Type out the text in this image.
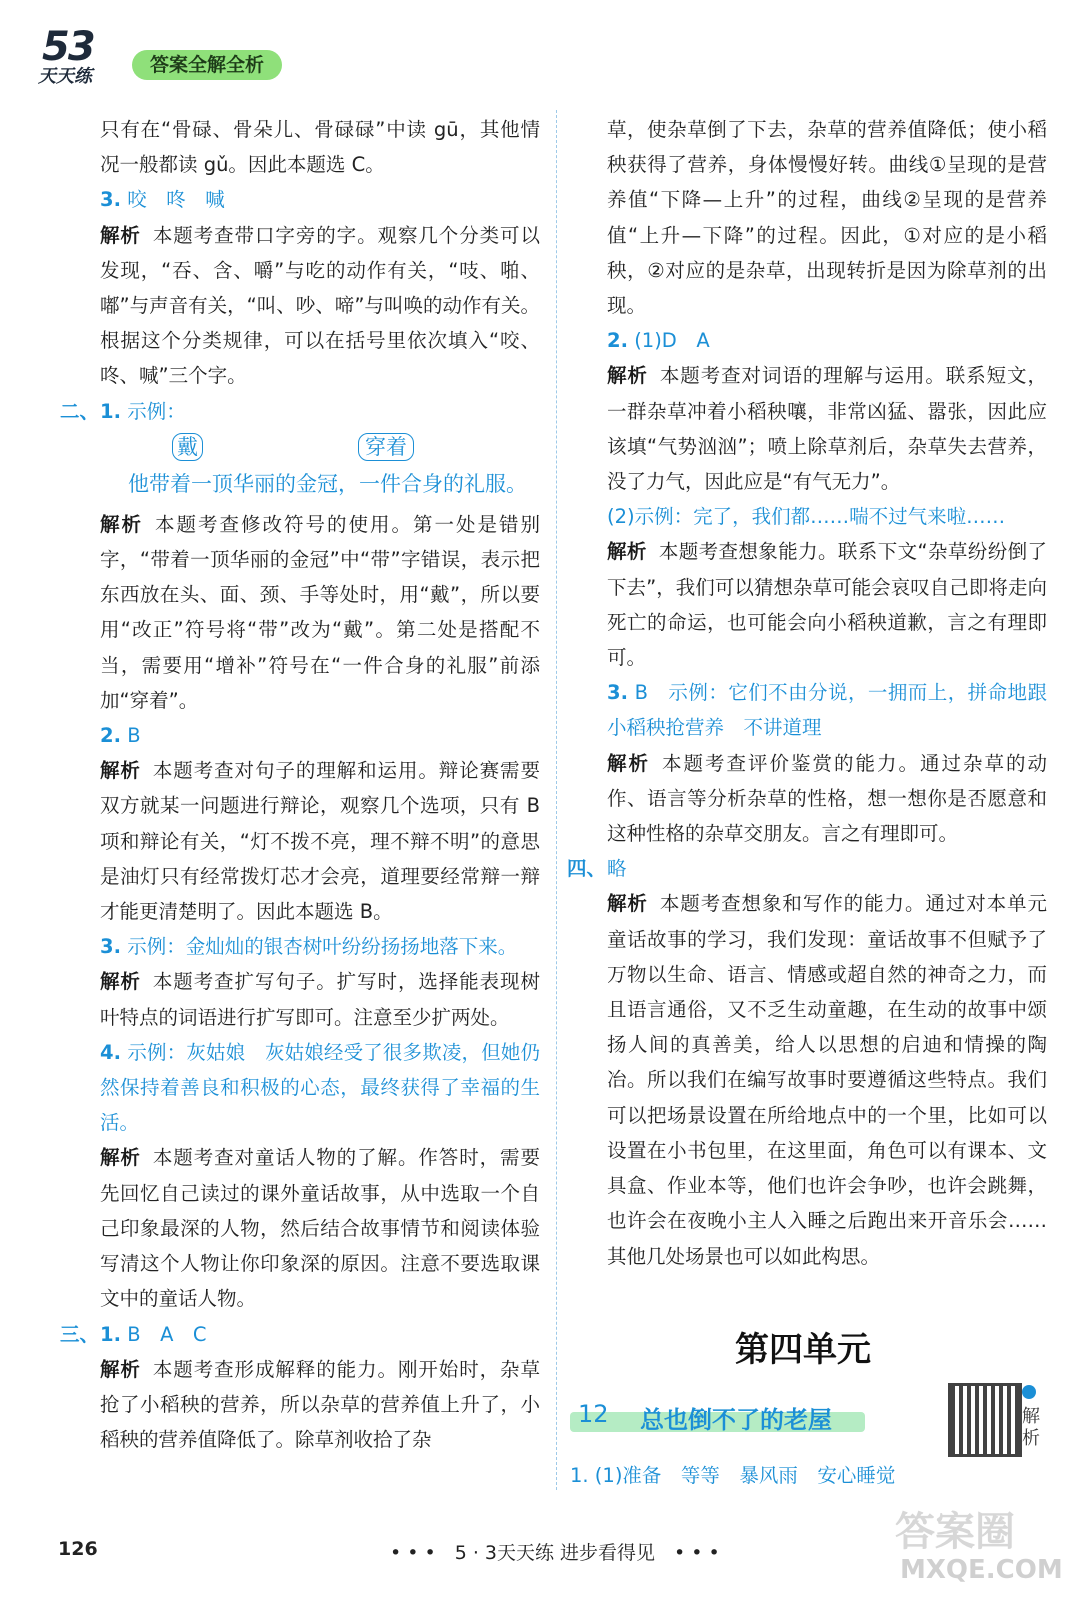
53
天天练
答案全解全析
只有在“骨碌、骨朵儿、骨碌碌”中读 gū，其他情况一般都读 gǔ。因此本题选 C。
3. 咬　咚　喊
解析 本题考查带口字旁的字。观察几个分类可以发现，“吞、含、嚼”与吃的动作有关，“吱、啪、嘟”与声音有关，“叫、吵、啼”与叫唤的动作有关。根据这个分类规律，可以在括号里依次填入“咬、咚、喊”三个字。
二、 1. 示例：
戴	穿着
他带着一顶华丽的金冠，一件合身的礼服。
解析 本题考查修改符号的使用。第一处是错别字，“带着一顶华丽的金冠”中“带”字错误，表示把东西放在头、面、颈、手等处时，用“戴”，所以要用“改正”符号将“带”改为“戴”。第二处是搭配不当，需要用“增补”符号在“一件合身的礼服”前添加“穿着”。
2. B
解析 本题考查对句子的理解和运用。辩论赛需要双方就某一问题进行辩论，观察几个选项，只有 B 项和辩论有关，“灯不拨不亮，理不辩不明”的意思是油灯只有经常拨灯芯才会亮，道理要经常辩一辩才能更清楚明了。因此本题选 B。
3. 示例：金灿灿的银杏树叶纷纷扬扬地落下来。
解析 本题考查扩写句子。扩写时，选择能表现树叶特点的词语进行扩写即可。注意至少扩两处。
4. 示例：灰姑娘　灰姑娘经受了很多欺凌，但她仍然保持着善良和积极的心态，最终获得了幸福的生活。
解析 本题考查对童话人物的了解。作答时，需要先回忆自己读过的课外童话故事，从中选取一个自己印象最深的人物，然后结合故事情节和阅读体验写清这个人物让你印象深的原因。注意不要选取课文中的童话人物。
三、 1. B　A　C
解析 本题考查形成解释的能力。刚开始时，杂草抢了小稻秧的营养，所以杂草的营养值上升了，小稻秧的营养值降低了。除草剂收拾了杂
草，使杂草倒了下去，杂草的营养值降低；使小稻秧获得了营养，身体慢慢好转。曲线①呈现的是营养值“下降—上升”的过程，曲线②呈现的是营养值“上升—下降”的过程。因此，①对应的是小稻秧，②对应的是杂草，出现转折是因为除草剂的出现。
2. (1)D　A
解析 本题考查对词语的理解与运用。联系短文，一群杂草冲着小稻秧嚷，非常凶猛、嚣张，因此应该填“气势汹汹”；喷上除草剂后，杂草失去营养，没了力气，因此应是“有气无力”。
(2)示例：完了，我们都……喘不过气来啦……
解析 本题考查想象能力。联系下文“杂草纷纷倒了下去”，我们可以猜想杂草可能会哀叹自己即将走向死亡的命运，也可能会向小稻秧道歉，言之有理即可。
3. B　示例：它们不由分说，一拥而上，拼命地跟小稻秧抢营养　不讲道理
解析 本题考查评价鉴赏的能力。通过杂草的动作、语言等分析杂草的性格，想一想你是否愿意和这种性格的杂草交朋友。言之有理即可。
四、 略
解析 本题考查想象和写作的能力。通过对本单元童话故事的学习，我们发现：童话故事不但赋予了万物以生命、语言、情感或超自然的神奇之力，而且语言通俗，又不乏生动童趣，在生动的故事中颂扬人间的真善美，给人以思想的启迪和情操的陶冶。所以我们在编写故事时要遵循这些特点。我们可以把场景设置在所给地点中的一个里，比如可以设置在小书包里，在这里面，角色可以有课本、文具盒、作业本等，他们也许会争吵，也许会跳舞，也许会在夜晚小主人入睡之后跑出来开音乐会……其他几处场景也可以如此构思。
第四单元
12 总也倒不了的老屋	解析
1. (1)准备　等等　暴风雨　安心睡觉
126	• • •　5 · 3天天练 进步看得见　• • •	答案圈
MXQE.COM
